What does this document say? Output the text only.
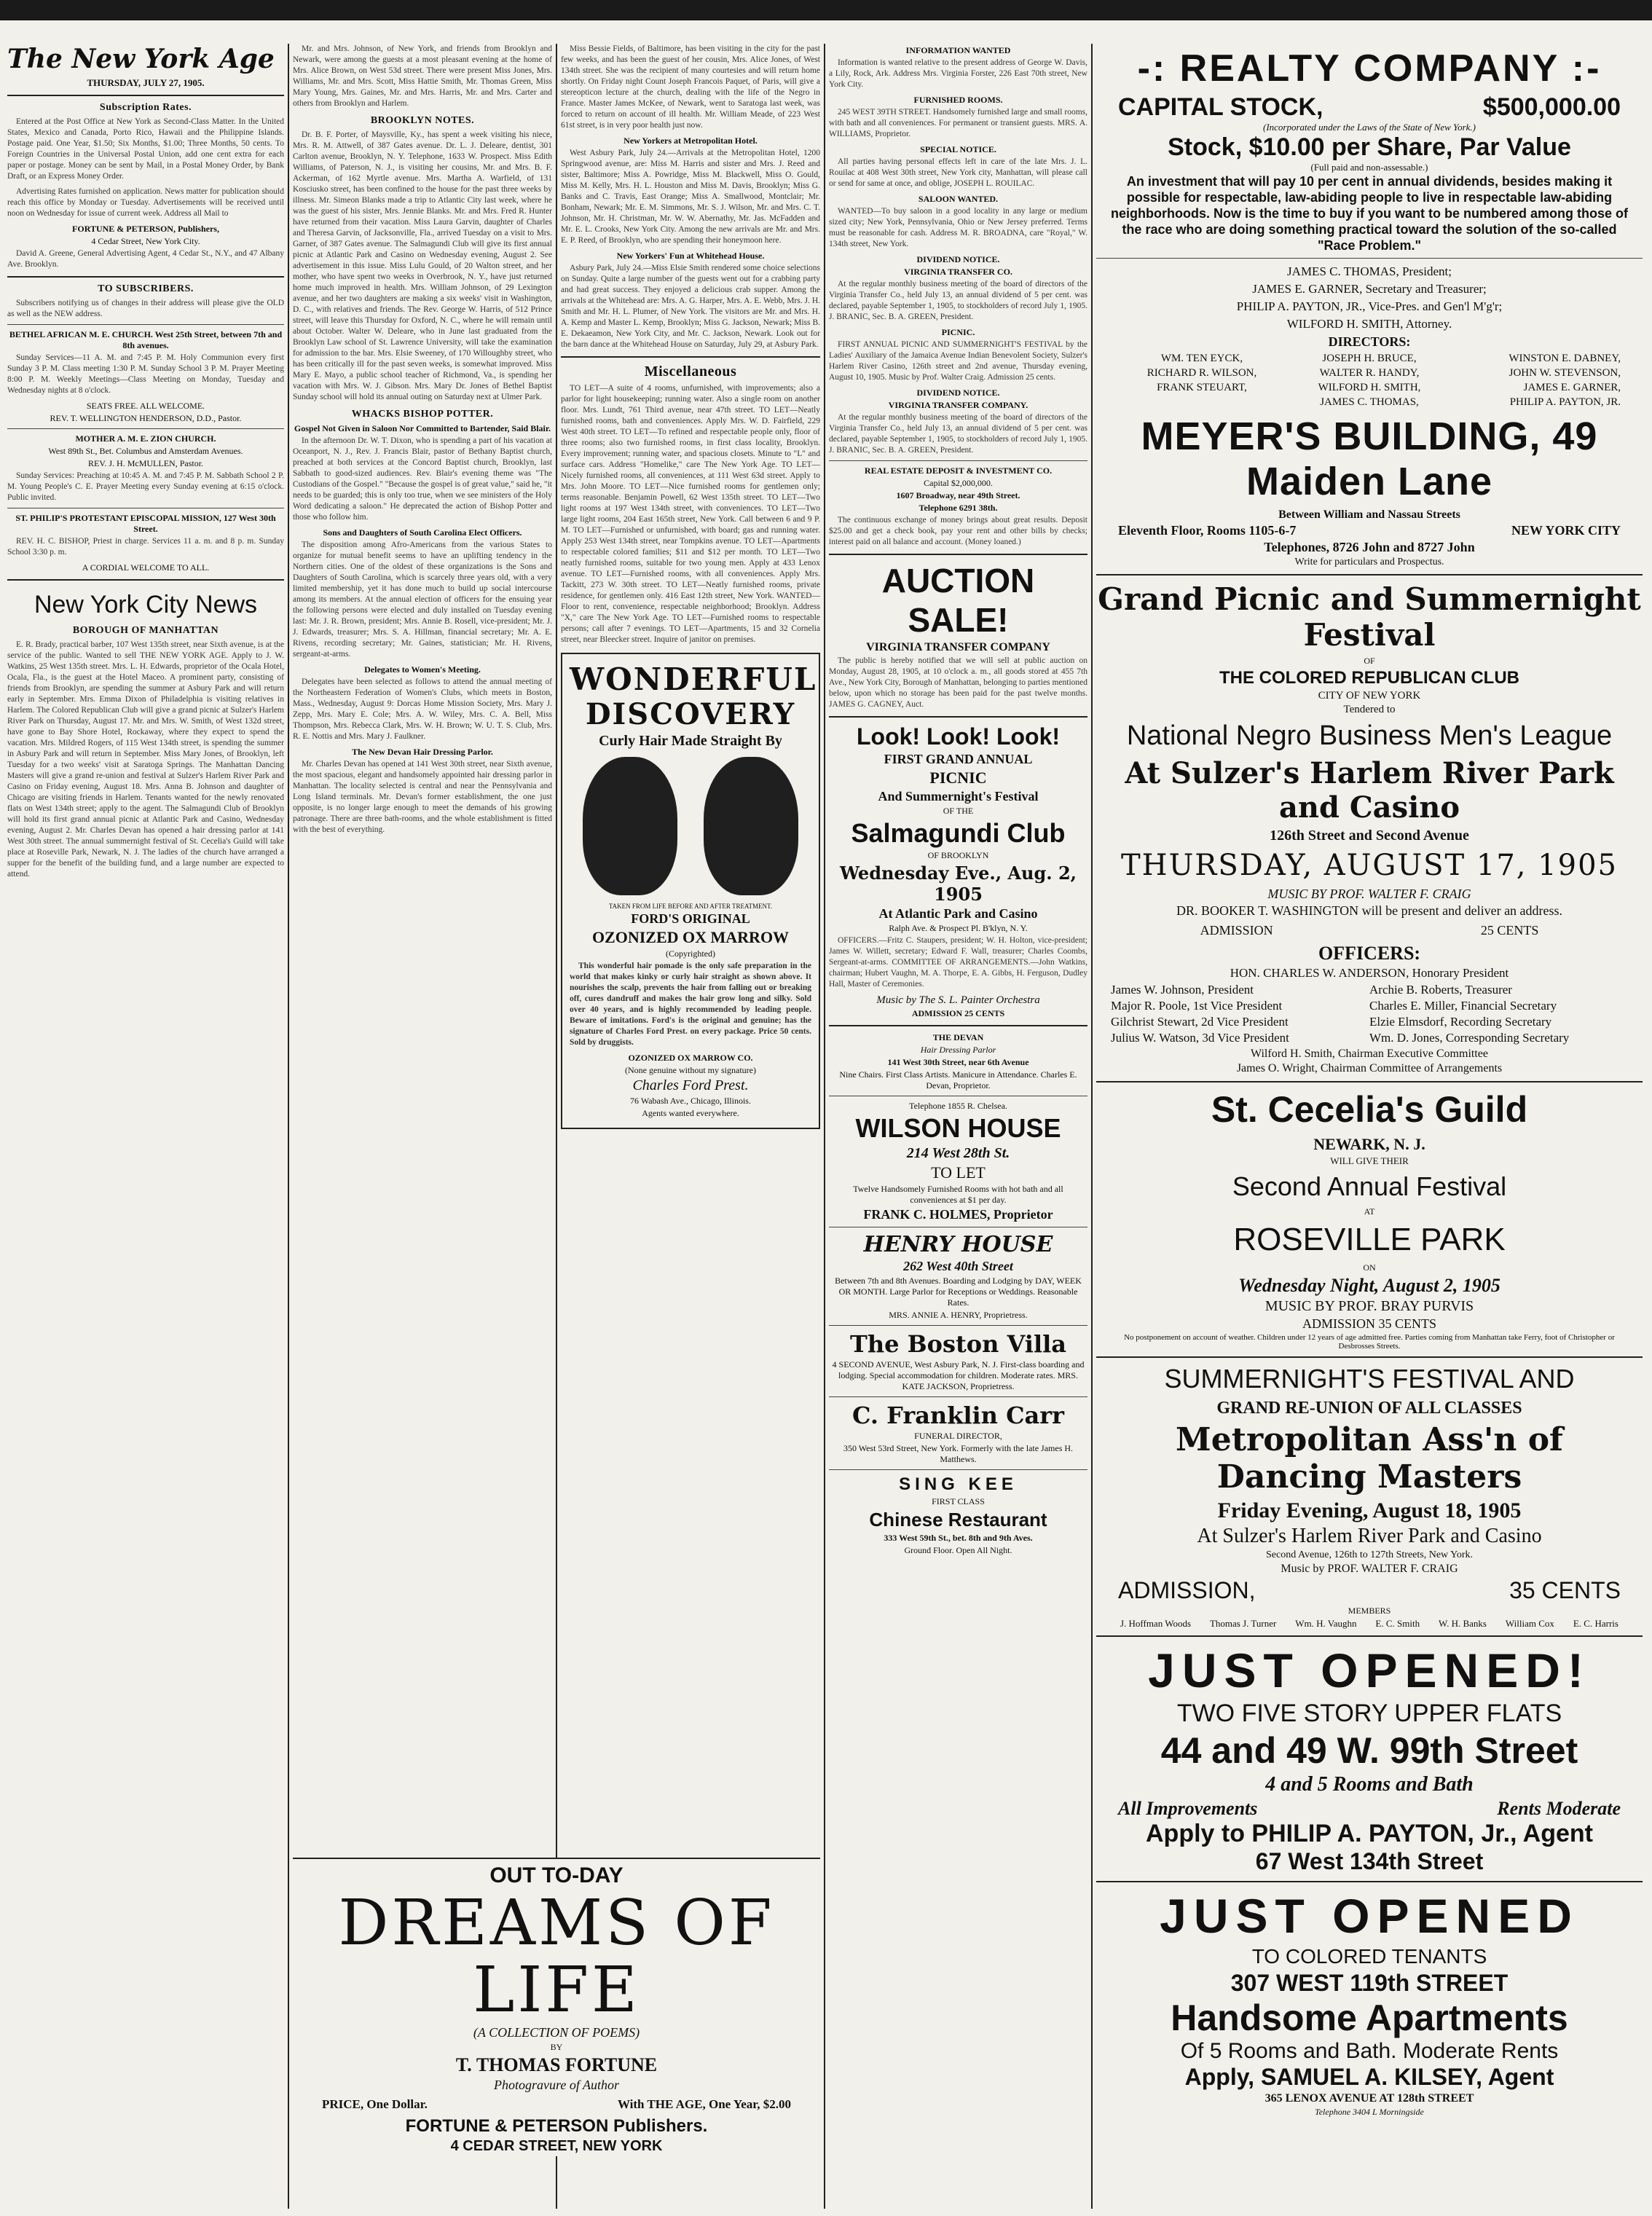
The New York Age
THURSDAY, JULY 27, 1905.
Subscription Rates.

Entered at the Post Office at New York as Second-Class Matter. In the United States, Mexico and Canada, Porto Rico, Hawaii and the Philippine Islands. Postage paid. One Year, $1.50; Six Months, $1.00; Three Months, 50 cents. To Foreign Countries in the Universal Postal Union, add one cent extra for each paper or postage. Money can be sent by Mail, in a Postal Money Order, by Bank Draft, or an Express Money Order.

Advertising Rates furnished on application. News matter for publication should reach this office by Monday or Tuesday. Advertisements will be received until noon on Wednesday for issue of current week. Address all Mail to

FORTUNE & PETERSON, Publishers,
4 Cedar Street, New York City.

David A. Greene, General Advertising Agent, 4 Cedar St., N.Y., and 47 Albany Ave. Brooklyn.

TO SUBSCRIBERS.

Subscribers notifying us of changes in their address will please give the OLD as well as the NEW address.

BETHEL AFRICAN M. E. CHURCH. West 25th Street, between 7th and 8th avenues.

Sunday Services—11 A. M. and 7:45 P. M. Holy Communion every first Sunday 3 P. M. Class meeting 1:30 P. M. Sunday School 3 P. M. Prayer Meeting 8:00 P. M. Weekly Meetings—Class Meeting on Monday, Tuesday and Wednesday nights at 8 o'clock.

SEATS FREE. ALL WELCOME.
REV. T. WELLINGTON HENDERSON, D.D., Pastor.
MOTHER A. M. E. ZION CHURCH.
West 89th St., Bet. Columbus and Amsterdam Avenues.
REV. J. H. McMULLEN, Pastor.

Sunday Services: Preaching at 10:45 A. M. and 7:45 P. M. Sabbath School 2 P. M. Young People's C. E. Prayer Meeting every Sunday evening at 6:15 o'clock. Public invited.

ST. PHILIP'S PROTESTANT EPISCOPAL MISSION, 127 West 30th Street.

REV. H. C. BISHOP, Priest in charge. Services 11 a. m. and 8 p. m. Sunday School 3:30 p. m.

A CORDIAL WELCOME TO ALL.
New York City News
BOROUGH OF MANHATTAN

E. R. Brady, practical barber, 107 West 135th street, near Sixth avenue, is at the service of the public. Wanted to sell THE NEW YORK AGE. Apply to J. W. Watkins, 25 West 135th street. Mrs. L. H. Edwards, proprietor of the Ocala Hotel, Ocala, Fla., is the guest at the Hotel Maceo. A prominent party, consisting of friends from Brooklyn, are spending the summer at Asbury Park and will return early in September. Mrs. Emma Dixon of Philadelphia is visiting relatives in Harlem. The Colored Republican Club will give a grand picnic at Sulzer's Harlem River Park on Thursday, August 17. Mr. and Mrs. W. Smith, of West 132d street, have gone to Bay Shore Hotel, Rockaway, where they expect to spend the vacation. Mrs. Mildred Rogers, of 115 West 134th street, is spending the summer in Asbury Park and will return in September. Miss Mary Jones, of Brooklyn, left Tuesday for a two weeks' visit at Saratoga Springs. The Manhattan Dancing Masters will give a grand re-union and festival at Sulzer's Harlem River Park and Casino on Friday evening, August 18. Mrs. Anna B. Johnson and daughter of Chicago are visiting friends in Harlem. Tenants wanted for the newly renovated flats on West 134th street; apply to the agent. The Salmagundi Club of Brooklyn will hold its first grand annual picnic at Atlantic Park and Casino, Wednesday evening, August 2. Mr. Charles Devan has opened a hair dressing parlor at 141 West 30th street. The annual summernight festival of St. Cecelia's Guild will take place at Roseville Park, Newark, N. J. The ladies of the church have arranged a supper for the benefit of the building fund, and a large number are expected to attend.

Mr. and Mrs. Johnson, of New York, and friends from Brooklyn and Newark, were among the guests at a most pleasant evening at the home of Mrs. Alice Brown, on West 53d street. There were present Miss Jones, Mrs. Williams, Mr. and Mrs. Scott, Miss Hattie Smith, Mr. Thomas Green, Miss Mary Young, Mrs. Gaines, Mr. and Mrs. Harris, Mr. and Mrs. Carter and others from Brooklyn and Harlem.

BROOKLYN NOTES.

Dr. B. F. Porter, of Maysville, Ky., has spent a week visiting his niece, Mrs. R. M. Attwell, of 387 Gates avenue. Dr. L. J. Deleare, dentist, 301 Carlton avenue, Brooklyn, N. Y. Telephone, 1633 W. Prospect. Miss Edith Williams, of Paterson, N. J., is visiting her cousins, Mr. and Mrs. B. F. Ackerman, of 162 Myrtle avenue. Mrs. Martha A. Warfield, of 131 Kosciusko street, has been confined to the house for the past three weeks by illness. Mr. Simeon Blanks made a trip to Atlantic City last week, where he was the guest of his sister, Mrs. Jennie Blanks. Mr. and Mrs. Fred R. Hunter have returned from their vacation. Miss Laura Garvin, daughter of Charles and Theresa Garvin, of Jacksonville, Fla., arrived Tuesday on a visit to Mrs. Garner, of 387 Gates avenue. The Salmagundi Club will give its first annual picnic at Atlantic Park and Casino on Wednesday evening, August 2. See advertisement in this issue. Miss Lulu Gould, of 20 Walton street, and her mother, who have spent two weeks in Overbrook, N. Y., have just returned home much improved in health. Mrs. William Johnson, of 29 Lexington avenue, and her two daughters are making a six weeks' visit in Washington, D. C., with relatives and friends. The Rev. George W. Harris, of 512 Prince street, will leave this Thursday for Oxford, N. C., where he will remain until about October. Walter W. Deleare, who in June last graduated from the Brooklyn Law school of St. Lawrence University, will take the examination for admission to the bar. Mrs. Elsie Sweeney, of 170 Willoughby street, who has been critically ill for the past seven weeks, is somewhat improved. Miss Mary E. Mayo, a public school teacher of Richmond, Va., is spending her vacation with Mrs. W. J. Gibson. Mrs. Mary Dr. Jones of Bethel Baptist Sunday school will hold its annual outing on Saturday next at Ulmer Park.

WHACKS BISHOP POTTER.
Gospel Not Given in Saloon Nor Committed to Bartender, Said Blair.

In the afternoon Dr. W. T. Dixon, who is spending a part of his vacation at Oceanport, N. J., Rev. J. Francis Blair, pastor of Bethany Baptist church, preached at both services at the Concord Baptist church, Brooklyn, last Sabbath to good-sized audiences. Rev. Blair's evening theme was "The Custodians of the Gospel." "Because the gospel is of great value," said he, "it needs to be guarded; this is only too true, when we see ministers of the Holy Word dedicating a saloon." He deprecated the action of Bishop Potter and those who follow him.

Sons and Daughters of South Carolina Elect Officers.

The disposition among Afro-Americans from the various States to organize for mutual benefit seems to have an uplifting tendency in the Northern cities. One of the oldest of these organizations is the Sons and Daughters of South Carolina, which is scarcely three years old, with a very limited membership, yet it has done much to build up social intercourse among its members. At the annual election of officers for the ensuing year the following persons were elected and duly installed on Tuesday evening last: Mr. J. R. Brown, president; Mrs. Annie B. Rosell, vice-president; Mr. J. J. Edwards, treasurer; Mrs. S. A. Hillman, financial secretary; Mr. A. E. Rivens, recording secretary; Mr. Gaines, statistician; Mr. H. Rivens, sergeant-at-arms.

Delegates to Women's Meeting.

Delegates have been selected as follows to attend the annual meeting of the Northeastern Federation of Women's Clubs, which meets in Boston, Mass., Wednesday, August 9: Dorcas Home Mission Society, Mrs. Mary J. Zepp, Mrs. Mary E. Cole; Mrs. A. W. Wiley, Mrs. C. A. Bell, Miss Thompson, Mrs. Rebecca Clark, Mrs. W. H. Brown; W. U. T. S. Club, Mrs. R. E. Nottis and Mrs. Mary J. Faulkner.

The New Devan Hair Dressing Parlor.

Mr. Charles Devan has opened at 141 West 30th street, near Sixth avenue, the most spacious, elegant and handsomely appointed hair dressing parlor in Manhattan. The locality selected is central and near the Pennsylvania and Long Island terminals. Mr. Devan's former establishment, the one just opposite, is no longer large enough to meet the demands of his growing patronage. There are three bath-rooms, and the whole establishment is fitted with the best of everything.

Miss Bessie Fields, of Baltimore, has been visiting in the city for the past few weeks, and has been the guest of her cousin, Mrs. Alice Jones, of West 134th street. She was the recipient of many courtesies and will return home shortly. On Friday night Count Joseph Francois Paquet, of Paris, will give a stereopticon lecture at the church, dealing with the life of the Negro in France. Master James McKee, of Newark, went to Saratoga last week, was forced to return on account of ill health. Mr. William Meade, of 223 West 61st street, is in very poor health just now.

New Yorkers at Metropolitan Hotel.

West Asbury Park, July 24.—Arrivals at the Metropolitan Hotel, 1200 Springwood avenue, are: Miss M. Harris and sister and Mrs. J. Reed and sister, Baltimore; Miss A. Powridge, Miss M. Blackwell, Miss O. Gould, Miss M. Kelly, Mrs. H. L. Houston and Miss M. Davis, Brooklyn; Miss G. Banks and C. Travis, East Orange; Miss A. Smallwood, Montclair; Mr. Bonham, Newark; Mr. E. M. Simmons, Mr. S. J. Wilson, Mr. and Mrs. C. T. Johnson, Mr. H. Christman, Mr. W. W. Abernathy, Mr. Jas. McFadden and Mr. E. L. Crooks, New York City. Among the new arrivals are Mr. and Mrs. E. P. Reed, of Brooklyn, who are spending their honeymoon here.

New Yorkers' Fun at Whitehead House.

Asbury Park, July 24.—Miss Elsie Smith rendered some choice selections on Sunday. Quite a large number of the guests went out for a crabbing party and had great success. They enjoyed a delicious crab supper. Among the arrivals at the Whitehead are: Mrs. A. G. Harper, Mrs. A. E. Webb, Mrs. J. H. Smith and Mr. H. L. Plumer, of New York. The visitors are Mr. and Mrs. H. A. Kemp and Master L. Kemp, Brooklyn; Miss G. Jackson, Newark; Miss B. E. Dekaeamon, New York City, and Mr. C. Jackson, Newark. Look out for the barn dance at the Whitehead House on Saturday, July 29, at Asbury Park.

Miscellaneous

TO LET—A suite of 4 rooms, unfurnished, with improvements; also a parlor for light housekeeping; running water. Also a single room on another floor. Mrs. Lundt, 761 Third avenue, near 47th street. TO LET—Neatly furnished rooms, bath and conveniences. Apply Mrs. W. D. Fairfield, 229 West 40th street. TO LET—To refined and respectable people only, floor of three rooms; also two furnished rooms, in first class locality, Brooklyn. Every improvement; running water, and spacious closets. Minute to "L" and surface cars. Address "Homelike," care The New York Age. TO LET—Nicely furnished rooms, all conveniences, at 111 West 63d street. Apply to Mrs. John Moore. TO LET—Nice furnished rooms for gentlemen only; terms reasonable. Benjamin Powell, 62 West 135th street. TO LET—Two light rooms at 197 West 134th street, with conveniences. TO LET—Two large light rooms, 204 East 165th street, New York. Call between 6 and 9 P. M. TO LET—Furnished or unfurnished, with board; gas and running water. Apply 253 West 134th street, near Tompkins avenue. TO LET—Apartments to respectable colored families; $11 and $12 per month. TO LET—Two neatly furnished rooms, suitable for two young men. Apply at 433 Lenox avenue. TO LET—Furnished rooms, with all conveniences. Apply Mrs. Tackitt, 273 W. 30th street. TO LET—Neatly furnished rooms, private residence, for gentlemen only. 416 East 12th street, New York. WANTED—Floor to rent, convenience, respectable neighborhood; Brooklyn. Address "X," care The New York Age. TO LET—Furnished rooms to respectable persons; call after 7 evenings. TO LET—Apartments, 15 and 32 Cornelia street, near Bleecker street. Inquire of janitor on premises.

WONDERFUL
DISCOVERY
Curly Hair Made Straight By
TAKEN FROM LIFE BEFORE AND AFTER TREATMENT.
FORD'S ORIGINAL
OZONIZED OX MARROW
(Copyrighted)

This wonderful hair pomade is the only safe preparation in the world that makes kinky or curly hair straight as shown above. It nourishes the scalp, prevents the hair from falling out or breaking off, cures dandruff and makes the hair grow long and silky. Sold over 40 years, and is highly recommended by leading people. Beware of imitations. Ford's is the original and genuine; has the signature of Charles Ford Prest. on every package. Price 50 cents. Sold by druggists.

OZONIZED OX MARROW CO.
(None genuine without my signature)
Charles Ford Prest.
76 Wabash Ave., Chicago, Illinois.
Agents wanted everywhere.
OUT TO-DAY
DREAMS OF LIFE
(A COLLECTION OF POEMS)
BY
T. THOMAS FORTUNE
Photogravure of Author
PRICE, One Dollar.	With THE AGE, One Year, $2.00
FORTUNE & PETERSON Publishers.
4 CEDAR STREET, NEW YORK
INFORMATION WANTED

Information is wanted relative to the present address of George W. Davis, a Lily, Rock, Ark. Address Mrs. Virginia Forster, 226 East 70th street, New York City.

FURNISHED ROOMS.

245 WEST 39TH STREET. Handsomely furnished large and small rooms, with bath and all conveniences. For permanent or transient guests. MRS. A. WILLIAMS, Proprietor.

SPECIAL NOTICE.

All parties having personal effects left in care of the late Mrs. J. L. Rouilac at 408 West 30th street, New York city, Manhattan, will please call or send for same at once, and oblige, JOSEPH L. ROUILAC.

SALOON WANTED.

WANTED—To buy saloon in a good locality in any large or medium sized city; New York, Pennsylvania, Ohio or New Jersey preferred. Terms must be reasonable for cash. Address M. R. BROADNA, care "Royal," W. 134th street, New York.

DIVIDEND NOTICE.
VIRGINIA TRANSFER CO.

At the regular monthly business meeting of the board of directors of the Virginia Transfer Co., held July 13, an annual dividend of 5 per cent. was declared, payable September 1, 1905, to stockholders of record July 1, 1905. J. BRANIC, Sec. B. A. GREEN, President.

PICNIC.

FIRST ANNUAL PICNIC AND SUMMERNIGHT'S FESTIVAL by the Ladies' Auxiliary of the Jamaica Avenue Indian Benevolent Society, Sulzer's Harlem River Casino, 126th street and 2nd avenue, Thursday evening, August 10, 1905. Music by Prof. Walter Craig. Admission 25 cents.

DIVIDEND NOTICE.
VIRGINIA TRANSFER COMPANY.

At the regular monthly business meeting of the board of directors of the Virginia Transfer Co., held July 13, an annual dividend of 5 per cent. was declared, payable September 1, 1905, to stockholders of record July 1, 1905. J. BRANIC, Sec. B. A. GREEN, President.

REAL ESTATE DEPOSIT & INVESTMENT CO.
Capital $2,000,000.
1607 Broadway, near 49th Street.
Telephone 6291 38th.

The continuous exchange of money brings about great results. Deposit $25.00 and get a check book, pay your rent and other bills by checks; interest paid on all balance and account. (Money loaned.)

AUCTION SALE!
VIRGINIA TRANSFER COMPANY

The public is hereby notified that we will sell at public auction on Monday, August 28, 1905, at 10 o'clock a. m., all goods stored at 455 7th Ave., New York City, Borough of Manhattan, belonging to parties mentioned below, upon which no storage has been paid for the past twelve months. JAMES G. CAGNEY, Auct.

Look! Look! Look!
FIRST GRAND ANNUAL
PICNIC
And Summernight's Festival
OF THE
Salmagundi Club
OF BROOKLYN
Wednesday Eve., Aug. 2, 1905
At Atlantic Park and Casino
Ralph Ave. & Prospect Pl. B'klyn, N. Y.

OFFICERS.—Fritz C. Staupers, president; W. H. Holton, vice-president; James W. Willett, secretary; Edward F. Wall, treasurer; Charles Coombs, Sergeant-at-arms. COMMITTEE OF ARRANGEMENTS.—John Watkins, chairman; Hubert Vaughn, M. A. Thorpe, E. A. Gibbs, H. Ferguson, Dudley Hall, Master of Ceremonies.

Music by The S. L. Painter Orchestra
ADMISSION 25 CENTS
THE DEVAN
Hair Dressing Parlor
141 West 30th Street, near 6th Avenue
Nine Chairs. First Class Artists. Manicure in Attendance. Charles E. Devan, Proprietor.
Telephone 1855 R. Chelsea.
WILSON HOUSE
214 West 28th St.
TO LET
Twelve Handsomely Furnished Rooms with hot bath and all conveniences at $1 per day.
FRANK C. HOLMES, Proprietor
HENRY HOUSE
262 West 40th Street
Between 7th and 8th Avenues. Boarding and Lodging by DAY, WEEK OR MONTH. Large Parlor for Receptions or Weddings. Reasonable Rates.
MRS. ANNIE A. HENRY, Proprietress.
The Boston Villa
4 SECOND AVENUE, West Asbury Park, N. J. First-class boarding and lodging. Special accommodation for children. Moderate rates. MRS. KATE JACKSON, Proprietress.
C. Franklin Carr
FUNERAL DIRECTOR,
350 West 53rd Street, New York. Formerly with the late James H. Matthews.
SING KEE
FIRST CLASS
Chinese Restaurant
333 West 59th St., bet. 8th and 9th Aves.
Ground Floor. Open All Night.
-: REALTY COMPANY :-
CAPITAL STOCK,	$500,000.00
(Incorporated under the Laws of the State of New York.)
Stock, $10.00 per Share, Par Value
(Full paid and non-assessable.)
An investment that will pay 10 per cent in annual dividends, besides making it possible for respectable, law-abiding people to live in respectable law-abiding neighborhoods. Now is the time to buy if you want to be numbered among those of the race who are doing something practical toward the solution of the so-called "Race Problem."
JAMES C. THOMAS, President;
JAMES E. GARNER, Secretary and Treasurer;
PHILIP A. PAYTON, JR., Vice-Pres. and Gen'l M'g'r;
WILFORD H. SMITH, Attorney.
DIRECTORS:
WM. TEN EYCK,	JOSEPH H. BRUCE,	WINSTON E. DABNEY,
RICHARD R. WILSON,	WALTER R. HANDY,	JOHN W. STEVENSON,
FRANK STEUART,	WILFORD H. SMITH,	JAMES E. GARNER,
JAMES C. THOMAS,	PHILIP A. PAYTON, JR.
MEYER'S BUILDING, 49 Maiden Lane
Between William and Nassau Streets
Eleventh Floor, Rooms 1105-6-7	NEW YORK CITY
Telephones, 8726 John and 8727 John
Write for particulars and Prospectus.
Grand Picnic and Summernight Festival
OF
THE COLORED REPUBLICAN CLUB
CITY OF NEW YORK
Tendered to
National Negro Business Men's League
At Sulzer's Harlem River Park and Casino
126th Street and Second Avenue
THURSDAY, AUGUST 17, 1905
MUSIC BY PROF. WALTER F. CRAIG
DR. BOOKER T. WASHINGTON will be present and deliver an address.
ADMISSION	25 CENTS
OFFICERS:
HON. CHARLES W. ANDERSON, Honorary President
James W. Johnson, President	Archie B. Roberts, Treasurer
Major R. Poole, 1st Vice President	Charles E. Miller, Financial Secretary
Gilchrist Stewart, 2d Vice President	Elzie Elmsdorf, Recording Secretary
Julius W. Watson, 3d Vice President	Wm. D. Jones, Corresponding Secretary
Wilford H. Smith, Chairman Executive Committee
James O. Wright, Chairman Committee of Arrangements
St. Cecelia's Guild
NEWARK, N. J.
WILL GIVE THEIR
Second Annual Festival
AT
ROSEVILLE PARK
ON
Wednesday Night, August 2, 1905
MUSIC BY PROF. BRAY PURVIS
ADMISSION 35 CENTS
No postponement on account of weather. Children under 12 years of age admitted free. Parties coming from Manhattan take Ferry, foot of Christopher or Desbrosses Streets.
SUMMERNIGHT'S FESTIVAL AND
GRAND RE-UNION OF ALL CLASSES
Metropolitan Ass'n of Dancing Masters
Friday Evening, August 18, 1905
At Sulzer's Harlem River Park and Casino
Second Avenue, 126th to 127th Streets, New York.
Music by PROF. WALTER F. CRAIG
ADMISSION,	35 CENTS
MEMBERS
J. Hoffman Woods Thomas J. Turner Wm. H. Vaughn E. C. Smith W. H. Banks William Cox E. C. Harris
JUST OPENED!
TWO FIVE STORY UPPER FLATS
44 and 49 W. 99th Street
4 and 5 Rooms and Bath
All Improvements	Rents Moderate
Apply to PHILIP A. PAYTON, Jr., Agent
67 West 134th Street
JUST OPENED
TO COLORED TENANTS
307 WEST 119th STREET
Handsome Apartments
Of 5 Rooms and Bath. Moderate Rents
Apply, SAMUEL A. KILSEY, Agent
365 LENOX AVENUE AT 128th STREET
Telephone 3404 L Morningside
